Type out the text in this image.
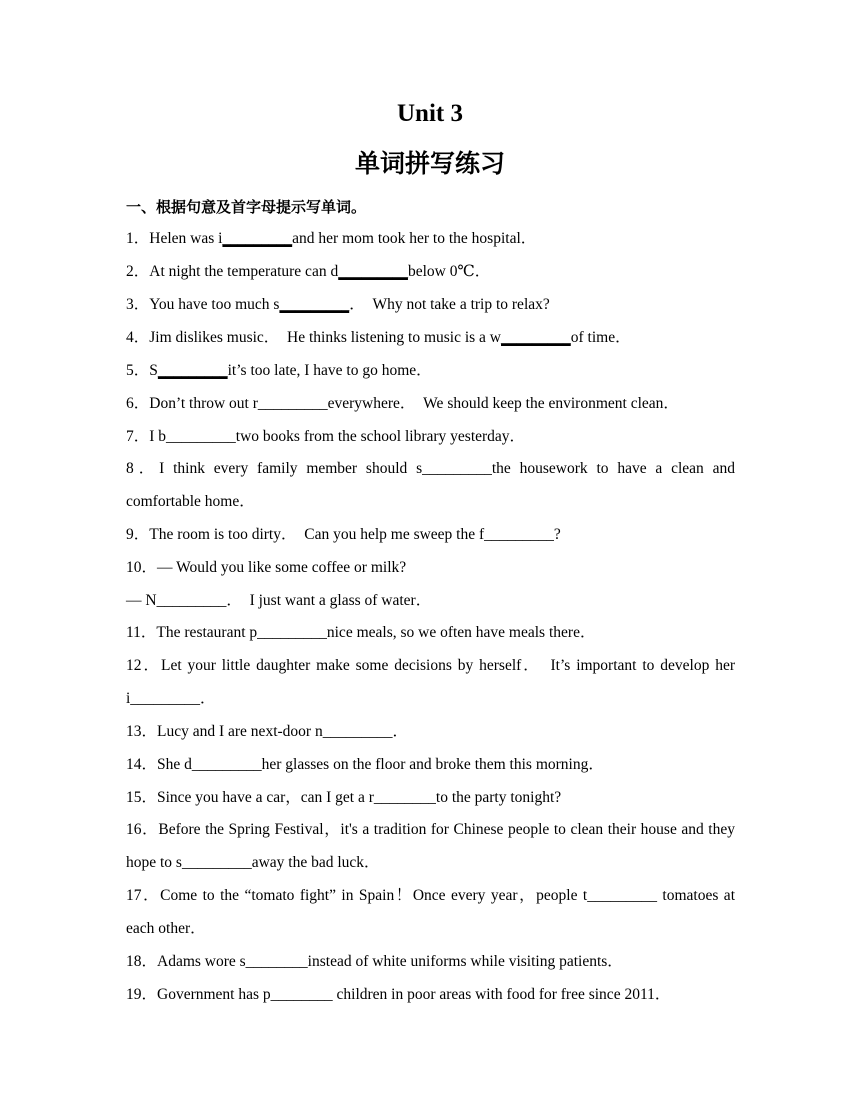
Unit 3
单词拼写练习
一、根据句意及首字母提示写单词。
1．Helen was i_________and her mom took her to the hospital．
2．At night the temperature can d_________below 0℃．
3．You have too much s_________．　Why not take a trip to relax?
4．Jim dislikes music．　He thinks listening to music is a w_________of time．
5．S_________it’s too late, I have to go home．
6．Don’t throw out r_________everywhere．　We should keep the environment clean．
7．I b_________two books from the school library yesterday．
8．I think every family member should s_________the housework to have a clean and comfortable home．
9．The room is too dirty．　Can you help me sweep the f_________?
10．— Would you like some coffee or milk?
— N_________．　I just want a glass of water．
11．The restaurant p_________nice meals, so we often have meals there．
12．Let your little daughter make some decisions by herself．　It’s important to develop her i_________．
13．Lucy and I are next-door n_________．
14．She d_________her glasses on the floor and broke them this morning．
15．Since you have a car，can I get a r________to the party tonight?
16．Before the Spring Festival，it's a tradition for Chinese people to clean their house and they hope to s_________away the bad luck．
17．Come to the “tomato fight” in Spain！Once every year，people t_________ tomatoes at each other．
18．Adams wore s________instead of white uniforms while visiting patients．
19．Government has p________ children in poor areas with food for free since 2011．
